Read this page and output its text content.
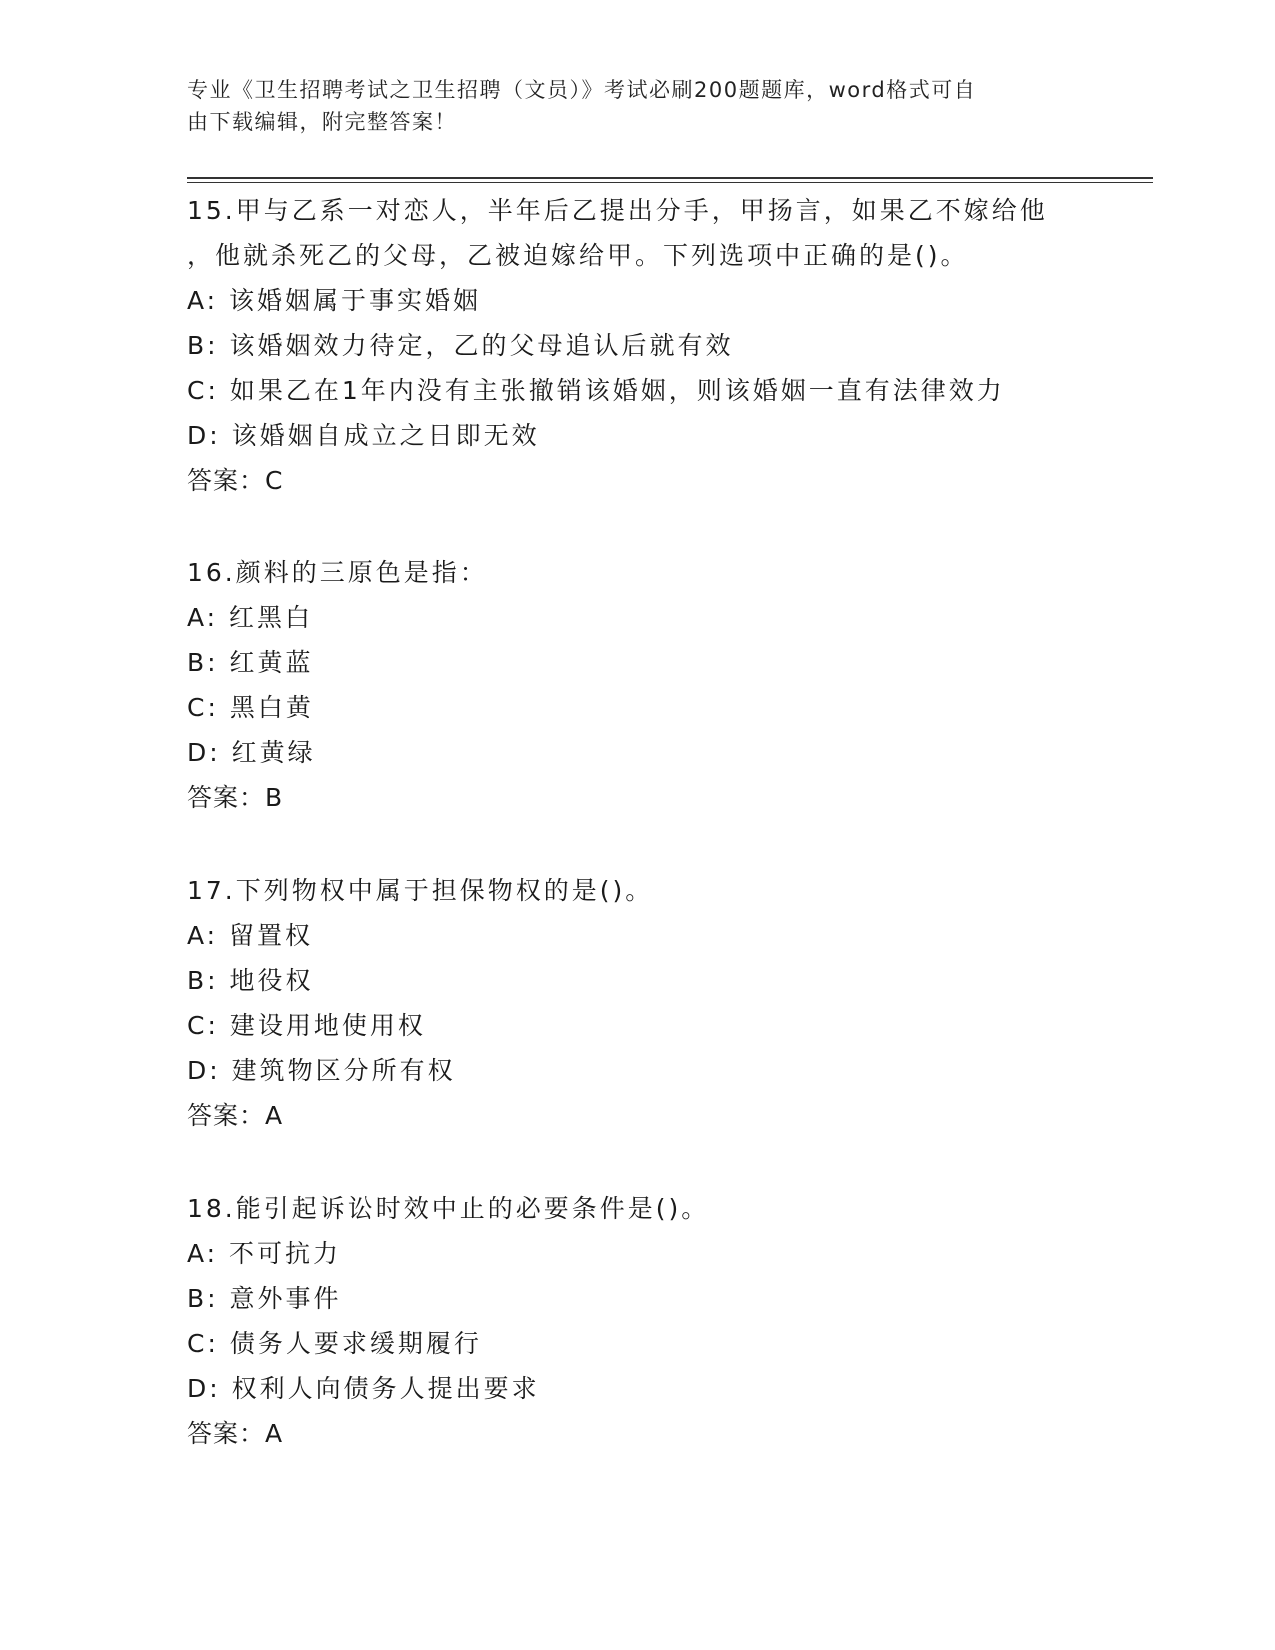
专业《卫生招聘考试之卫生招聘（文员）》考试必刷200题题库，word格式可自
由下载编辑，附完整答案！
15.甲与乙系一对恋人，半年后乙提出分手，甲扬言，如果乙不嫁给他
，他就杀死乙的父母，乙被迫嫁给甲。下列选项中正确的是()。
A: 该婚姻属于事实婚姻
B: 该婚姻效力待定，乙的父母追认后就有效
C: 如果乙在1年内没有主张撤销该婚姻，则该婚姻一直有法律效力
D: 该婚姻自成立之日即无效
答案：C
16.颜料的三原色是指：
A: 红黑白
B: 红黄蓝
C: 黑白黄
D: 红黄绿
答案：B
17.下列物权中属于担保物权的是()。
A: 留置权
B: 地役权
C: 建设用地使用权
D: 建筑物区分所有权
答案：A
18.能引起诉讼时效中止的必要条件是()。
A: 不可抗力
B: 意外事件
C: 债务人要求缓期履行
D: 权利人向债务人提出要求
答案：A
